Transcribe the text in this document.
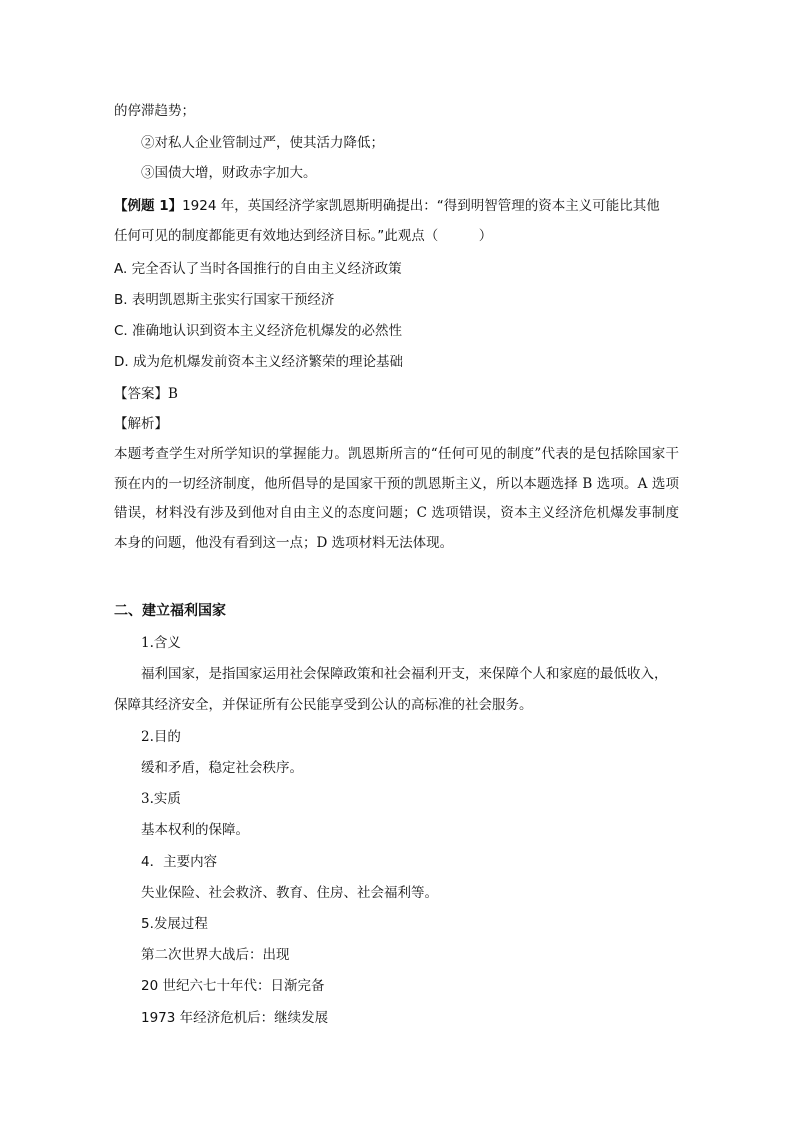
的停滞趋势；
②对私人企业管制过严，使其活力降低；
③国债大增，财政赤字加大。
【例题 1】1924 年，英国经济学家凯恩斯明确提出：“得到明智管理的资本主义可能比其他
任何可见的制度都能更有效地达到经济目标。”此观点（　　　）
A. 完全否认了当时各国推行的自由主义经济政策
B. 表明凯恩斯主张实行国家干预经济
C. 准确地认识到资本主义经济危机爆发的必然性
D. 成为危机爆发前资本主义经济繁荣的理论基础
【答案】B
【解析】
本题考查学生对所学知识的掌握能力。凯恩斯所言的“任何可见的制度”代表的是包括除国家干预在内的一切经济制度，他所倡导的是国家干预的凯恩斯主义，所以本题选择 B 选项。A 选项错误，材料没有涉及到他对自由主义的态度问题；C 选项错误，资本主义经济危机爆发事制度本身的问题，他没有看到这一点；D 选项材料无法体现。
二、建立福利国家
1.含义
福利国家，是指国家运用社会保障政策和社会福利开支，来保障个人和家庭的最低收入，
保障其经济安全，并保证所有公民能享受到公认的高标准的社会服务。
2.目的
缓和矛盾，稳定社会秩序。
3.实质
基本权利的保障。
4．主要内容
失业保险、社会救济、教育、住房、社会福利等。
5.发展过程
第二次世界大战后：出现
20 世纪六七十年代：日渐完备
1973 年经济危机后：继续发展
